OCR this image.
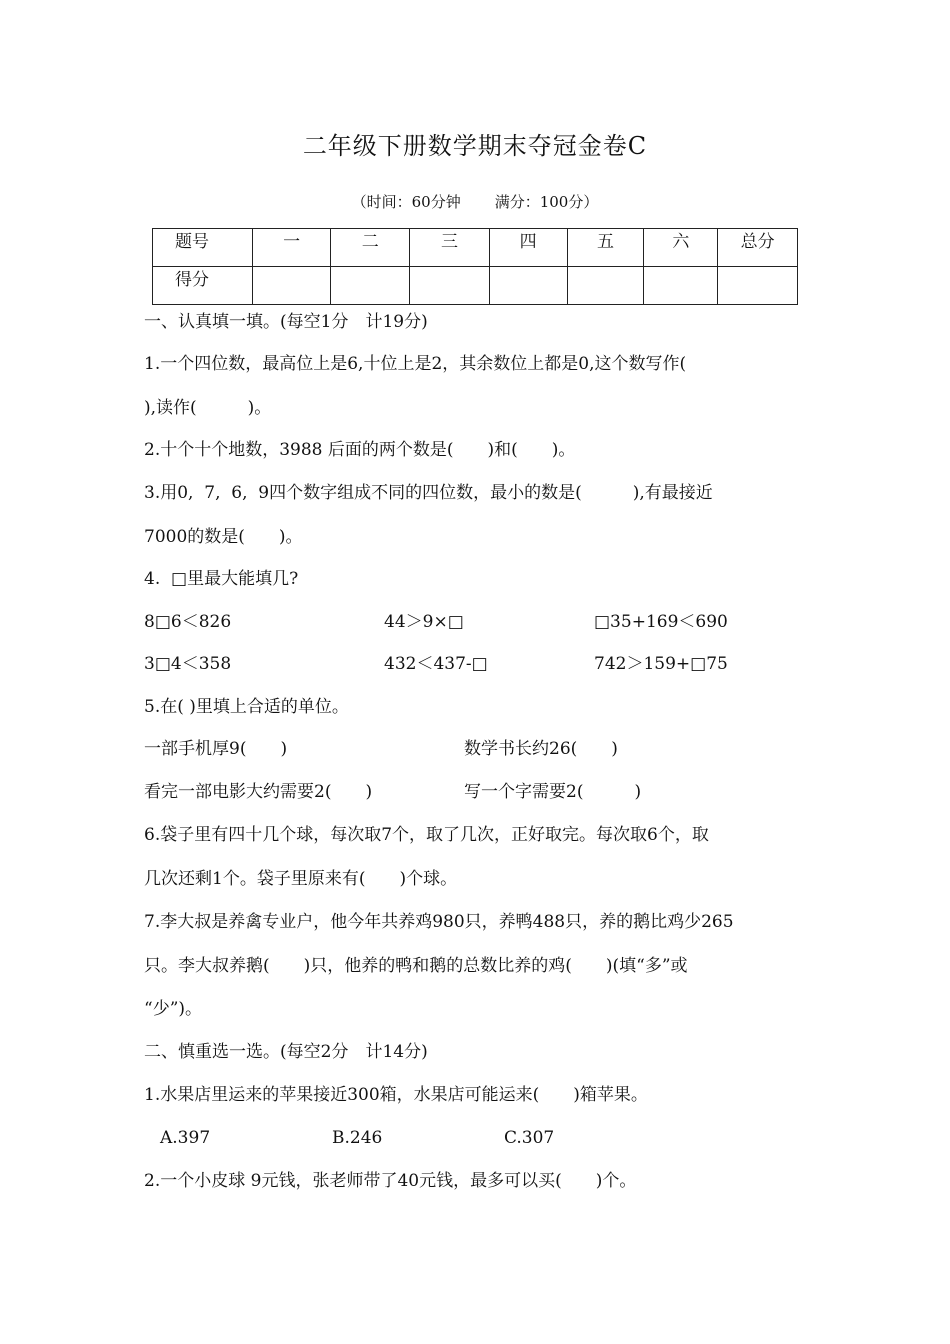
二年级下册数学期末夺冠金卷C
（时间：60分钟 满分：100分）
题号	一	二	三	四	五	六	总分
得分							
一、认真填一填。(每空1分　计19分)
1.一个四位数，最高位上是6,十位上是2，其余数位上都是0,这个数写作(
),读作(　　　)。
2.十个十个地数，3988 后面的两个数是(　　)和(　　)。
3.用0,  7,  6,  9四个数字组成不同的四位数，最小的数是(　　　),有最接近
7000的数是(　　)。
4.  □里最大能填几?
8□6＜826	44＞9×□	□35+169＜690
3□4＜358	432＜437-□	742＞159+□75
5.在( )里填上合适的单位。
一部手机厚9(　　)	数学书长约26(　　)
看完一部电影大约需要2(　　)	写一个字需要2(　　　)
6.袋子里有四十几个球，每次取7个，取了几次，正好取完。每次取6个，取
几次还剩1个。袋子里原来有(　　)个球。
7.李大叔是养禽专业户，他今年共养鸡980只，养鸭488只，养的鹅比鸡少265
只。李大叔养鹅(　　)只，他养的鸭和鹅的总数比养的鸡(　　)(填“多”或
“少”)。
二、慎重选一选。(每空2分　计14分)
1.水果店里运来的苹果接近300箱，水果店可能运来(　　)箱苹果。
A.397	B.246	C.307
2.一个小皮球 9元钱，张老师带了40元钱，最多可以买(　　)个。
